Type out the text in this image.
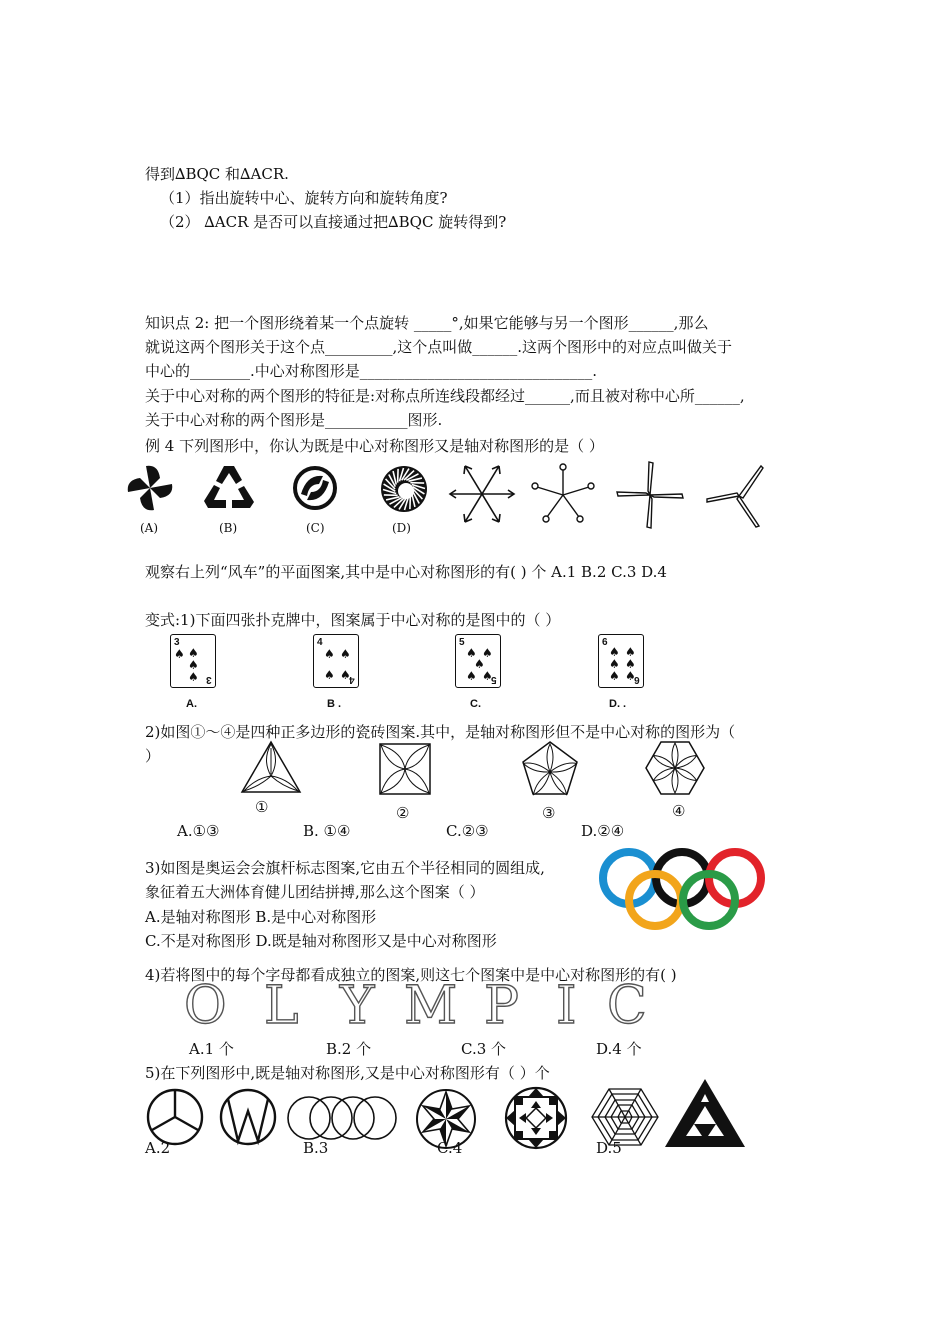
得到∆BQC 和∆ACR.
（1）指出旋转中心、旋转方向和旋转角度?
（2） ∆ACR 是否可以直接通过把∆BQC 旋转得到?
知识点 2: 把一个图形绕着某一个点旋转 _____°,如果它能够与另一个图形______,那么
就说这两个图形关于这个点_________,这个点叫做______.这两个图形中的对应点叫做关于
中心的________.中心对称图形是_______________________________.
关于中心对称的两个图形的特征是:对称点所连线段都经过______,而且被对称中心所______,
关于中心对称的两个图形是___________图形.
例 4 下列图形中，你认为既是中心对称图形又是轴对称图形的是（ ）
(A)	(B)	(C)	(D)
观察右上列“风车”的平面图案,其中是中心对称图形的有( ) 个 A.1 B.2 C.3 D.4
变式:1)下面四张扑克牌中，图案属于中心对称的是图中的（ ）
3
♠ ♠
♠
♠ 3
4
♠ ♠
♠ ♠
4
5
♠ ♠
♠
♠ ♠
5
6
♠ ♠
♠ ♠
♠ ♠
6
A.	B .	C.	D. .
2)如图①～④是四种正多边形的瓷砖图案.其中，是轴对称图形但不是中心对称的图形为（
）
①	②	③	④
A.①③	B. ①④	C.②③	D.②④
3)如图是奥运会会旗杆标志图案,它由五个半径相同的圆组成,
象征着五大洲体育健儿团结拼搏,那么这个图案（ ）
A.是轴对称图形 B.是中心对称图形
C.不是对称图形 D.既是轴对称图形又是中心对称图形
4)若将图中的每个字母都看成独立的图案,则这七个图案中是中心对称图形的有( )
O L Y M P I C
A.1 个	B.2 个	C.3 个	D.4 个
5)在下列图形中,既是轴对称图形,又是中心对称图形有（ ）个
A.2	B.3	C.4	D.5
